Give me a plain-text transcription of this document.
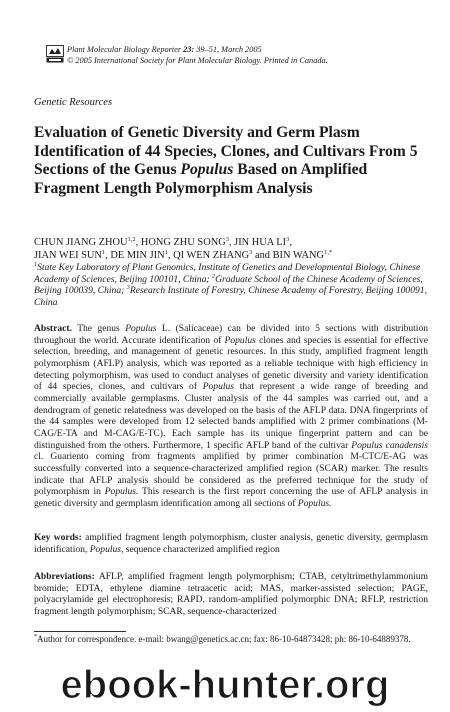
Plant Molecular Biology Reporter 23: 39–51, March 2005
© 2005 International Society for Plant Molecular Biology. Printed in Canada.
Genetic Resources
Evaluation of Genetic Diversity and Germ Plasm Identification of 44 Species, Clones, and Cultivars From 5 Sections of the Genus Populus Based on Amplified Fragment Length Polymorphism Analysis
CHUN JIANG ZHOU$^{1,2}$, HONG ZHU SONG$^3$, JIN HUA $LI^3$,
JIAN WEI SUN$^1$, DE MIN JIN$^1$, QI WEN ZHANG$^3$ and BIN $WANG^{1,*}$
$^1$State Key Laboratory of Plant Genomics, Institute of Genetics and Developmental Biology, Chinese Academy of Sciences, Beijing 100101, China; $^2$Graduate School of the Chinese Academy of Sciences, Beijing 100039, China; $^3$Research Institute of Forestry, Chinese Academy of Forestry, Beijing 100091, China
Abstract. The genus Populus L. (Salicaceae) can be divided into 5 sections with distribution throughout the world. Accurate identification of Populus clones and species is essential for effective selection, breeding, and management of genetic resources. In this study, amplified fragment length polymorphism (AFLP) analysis, which was reported as a reliable technique with high efficiency in detecting polymorphism, was used to conduct analyses of genetic diversity and variety identification of 44 species, clones, and cultivars of Populus that represent a wide range of breeding and commercially available germplasms. Cluster analysis of the 44 samples was carried out, and a dendrogram of genetic relatedness was developed on the basis of the AFLP data. DNA fingerprints of the 44 samples were developed from 12 selected bands amplified with 2 primer combinations (M-CAG/E-TA and M-CAG/E-TC). Each sample has its unique fingerprint pattern and can be distinguished from the others. Furthermore, 1 specific AFLP band of the cultivar Populus canadensis cl. Guariento coming from fragments amplified by primer combination M-CTC/E-AG was successfully converted into a sequence-characterized amplified region (SCAR) marker. The results indicate that AFLP analysis should be considered as the preferred technique for the study of polymorphism in Populus. This research is the first report concerning the use of AFLP analysis in genetic diversity and germplasm identification among all sections of Populus.
Key words: amplified fragment length polymorphism, cluster analysis, genetic diversity, germplasm identification, Populus, sequence characterized amplified region
Abbreviations: AFLP, amplified fragment length polymorphism; CTAB, cetyltrimethylammonium bromide; EDTA, ethylene diamine tetraacetic acid; MAS, marker-assisted selection; PAGE, polyacrylamide gel electrophoresis; RAPD, random-amplified polymorphic DNA; RFLP, restriction fragment length polymorphism; SCAR, sequence-characterized
*Author for correspondence. e-mail: bwang@genetics.ac.cn; fax: 86-10-64873428; ph: 86-10-64889378.
ebook-hunter.org
